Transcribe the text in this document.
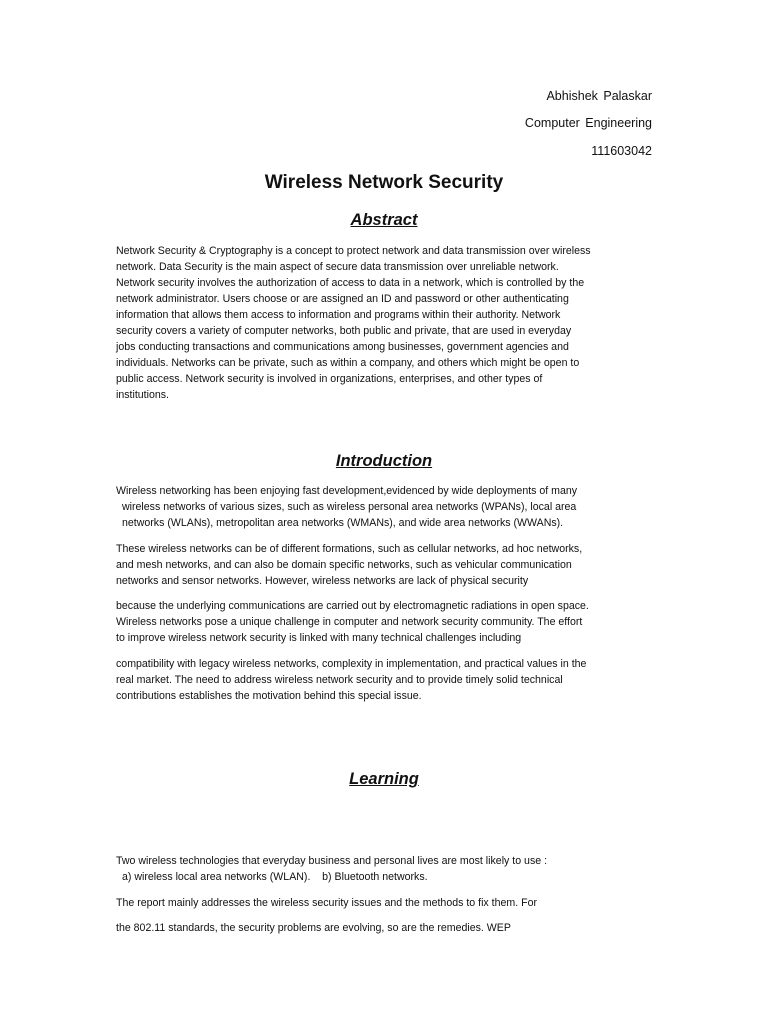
Abhishek Palaskar
Computer Engineering
111603042
Wireless Network Security
Abstract
Network Security & Cryptography is a concept to protect network and data transmission over wireless
network. Data Security is the main aspect of secure data transmission over unreliable network.
Network security involves the authorization of access to data in a network, which is controlled by the
network administrator. Users choose or are assigned an ID and password or other authenticating
information that allows them access to information and programs within their authority. Network
security covers a variety of computer networks, both public and private, that are used in everyday
jobs conducting transactions and communications among businesses, government agencies and
individuals. Networks can be private, such as within a company, and others which might be open to
public access. Network security is involved in organizations, enterprises, and other types of
institutions.
Introduction
Wireless networking has been enjoying fast development,evidenced by wide deployments of many
wireless networks of various sizes, such as wireless personal area networks (WPANs), local area
networks (WLANs), metropolitan area networks (WMANs), and wide area networks (WWANs).
These wireless networks can be of different formations, such as cellular networks, ad hoc networks,
and mesh networks, and can also be domain specific networks, such as vehicular communication
networks and sensor networks. However, wireless networks are lack of physical security
because the underlying communications are carried out by electromagnetic radiations in open space.
Wireless networks pose a unique challenge in computer and network security community. The effort
to improve wireless network security is linked with many technical challenges including
compatibility with legacy wireless networks, complexity in implementation, and practical values in the
real market. The need to address wireless network security and to provide timely solid technical
contributions establishes the motivation behind this special issue.
Learning
Two wireless technologies that everyday business and personal lives are most likely to use :
a) wireless local area networks (WLAN).    b) Bluetooth networks.
The report mainly addresses the wireless security issues and the methods to fix them. For
the 802.11 standards, the security problems are evolving, so are the remedies. WEP
